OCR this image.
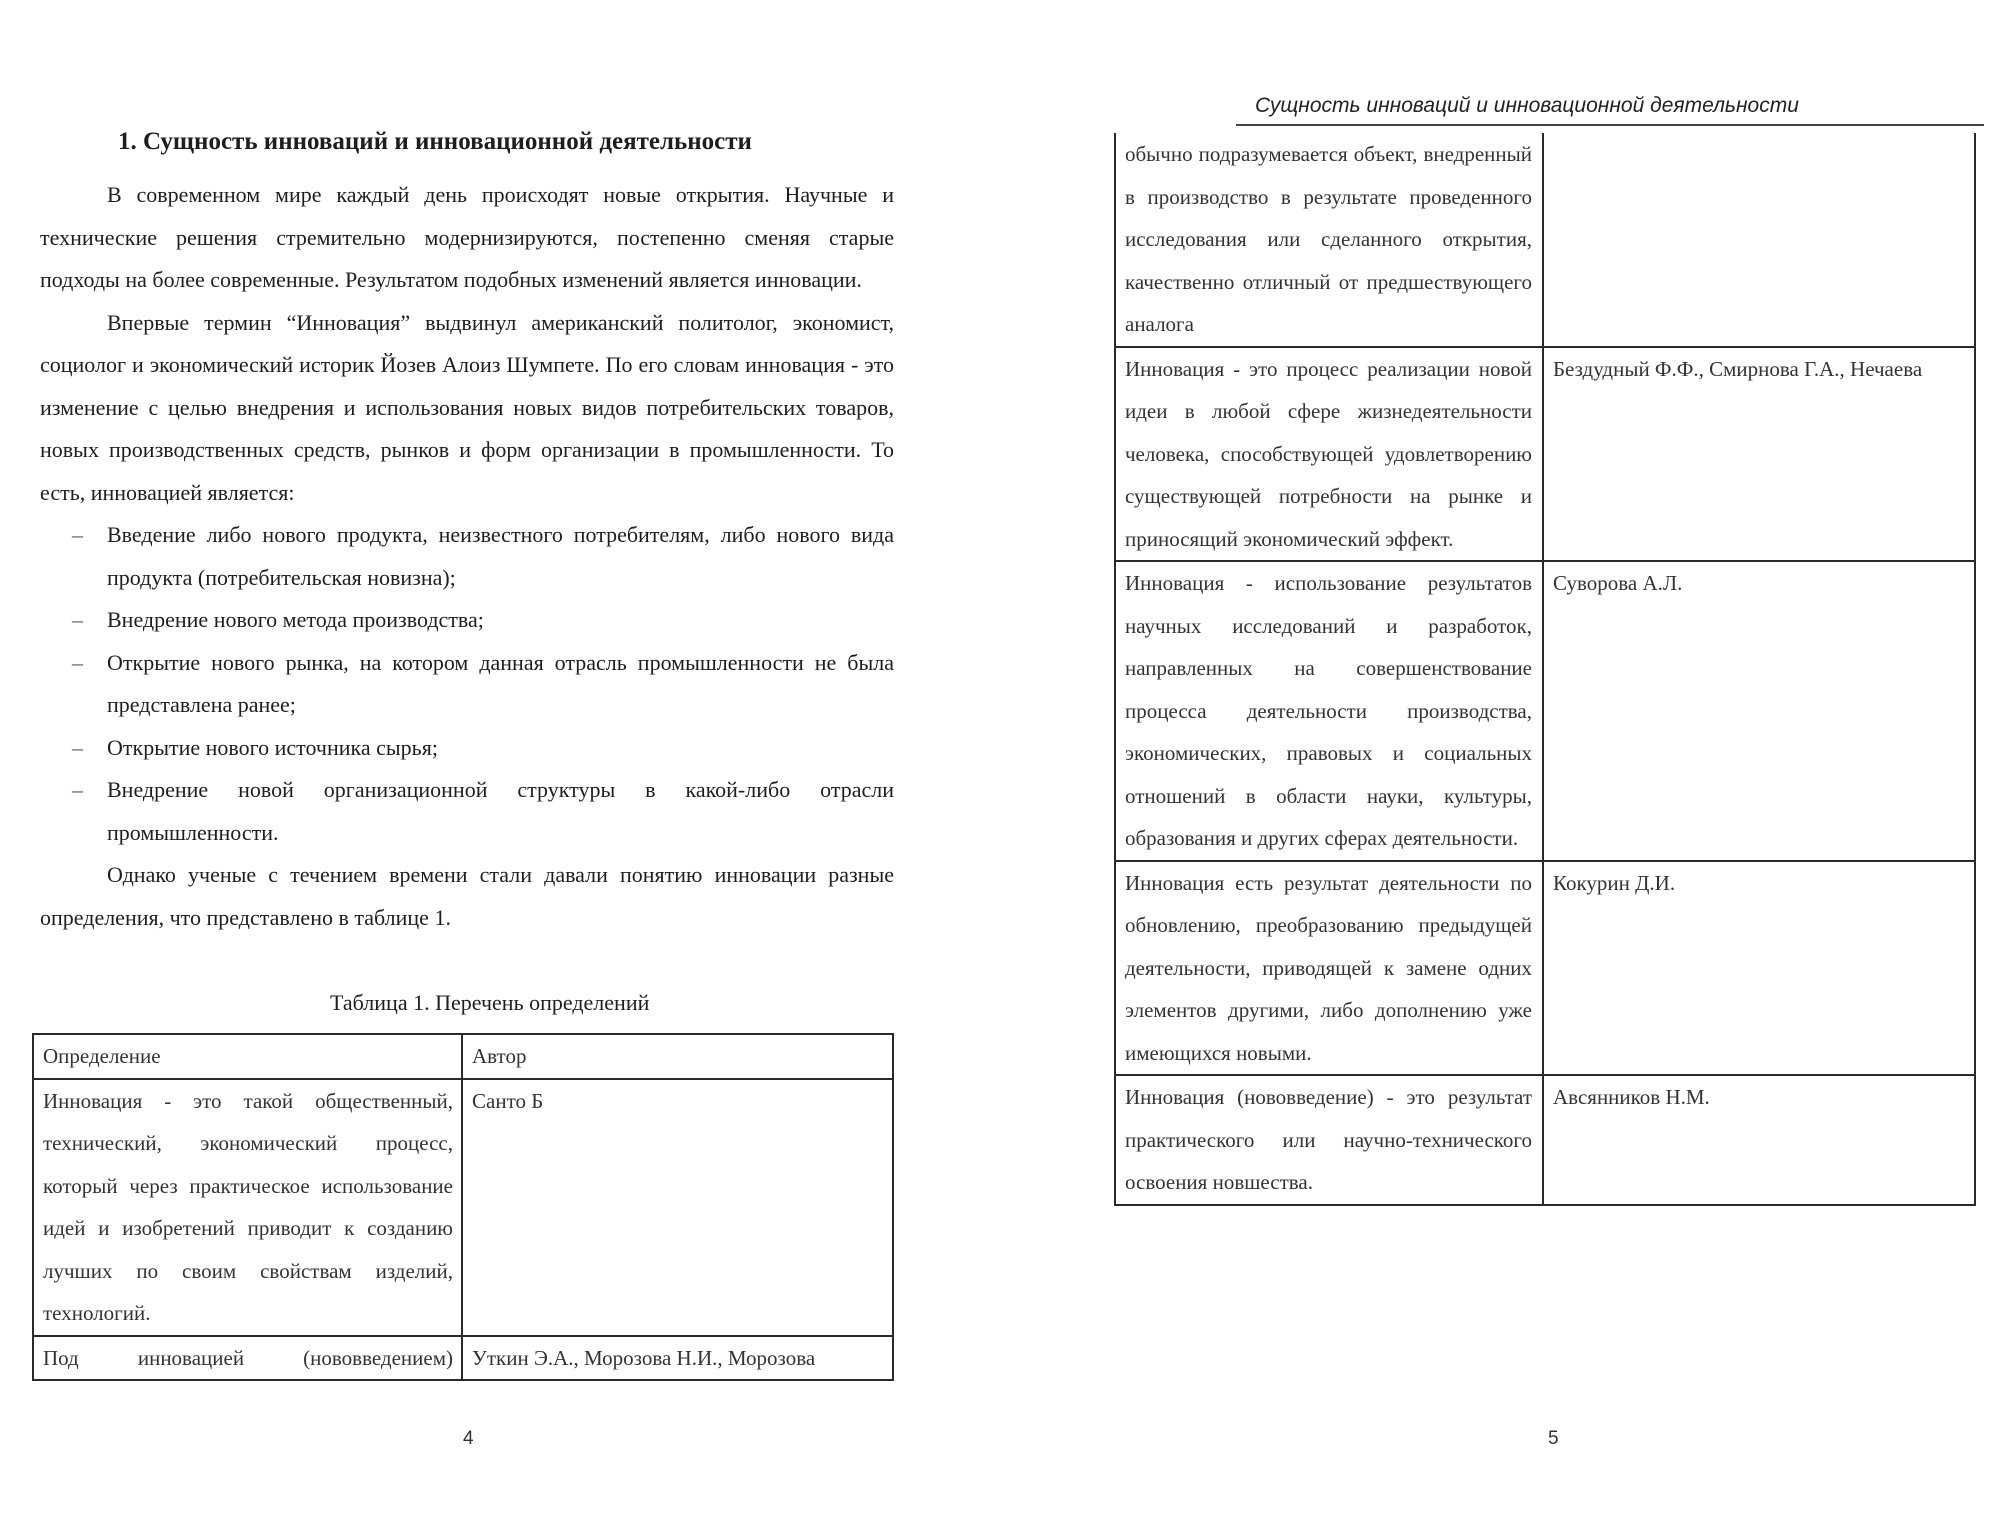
1. Сущность инноваций и инновационной деятельности

В современном мире каждый день происходят новые открытия. Научные и технические решения стремительно модернизируются, постепенно сменяя старые подходы на более современные. Результатом подобных изменений является инновации.

Впервые термин “Инновация” выдвинул американский политолог, экономист, социолог и экономический историк Йозев Алоиз Шумпете. По его словам инновация - это изменение с целью внедрения и использования новых видов потребительских товаров, новых производственных средств, рынков и форм организации в промышленности. То есть, инновацией является:

– Введение либо нового продукта, неизвестного потребителям, либо нового вида продукта (потребительская новизна);
– Внедрение нового метода производства;
– Открытие нового рынка, на котором данная отрасль промышленности не была представлена ранее;
– Открытие нового источника сырья;
– Внедрение новой организационной структуры в какой-либо отрасли промышленности.

Однако ученые с течением времени стали давали понятию инновации разные определения, что представлено в таблице 1.

Таблица 1. Перечень определений
Определение	Автор
Инновация - это такой общественный, технический, экономический процесс, который через практическое использование идей и изобретений приводит к созданию лучших по своим свойствам изделий, технологий.	Санто Б

Под инновацией (нововведением)	Уткин Э.А., Морозова Н.И., Морозова
4
Сущность инноваций и инновационной деятельности
обычно подразумевается объект, внедренный в производство в результате проведенного исследования или сделанного открытия, качественно отличный от предшествующего аналога	
Инновация - это процесс реализации новой идеи в любой сфере жизнедеятельности человека, способствующей удовлетворению существующей потребности на рынке и приносящий экономический эффект.	Бездудный Ф.Ф., Смирнова Г.А., Нечаева
Инновация - использование результатов научных исследований и разработок, направленных на совершенствование процесса деятельности производства, экономических, правовых и социальных отношений в области науки, культуры, образования и других сферах деятельности.	Суворова А.Л.
Инновация есть результат деятельности по обновлению, преобразованию предыдущей деятельности, приводящей к замене одних элементов другими, либо дополнению уже имеющихся новыми.	Кокурин Д.И.
Инновация (нововведение) - это результат практического или научно-технического освоения новшества.	Авсянников Н.М.
5
